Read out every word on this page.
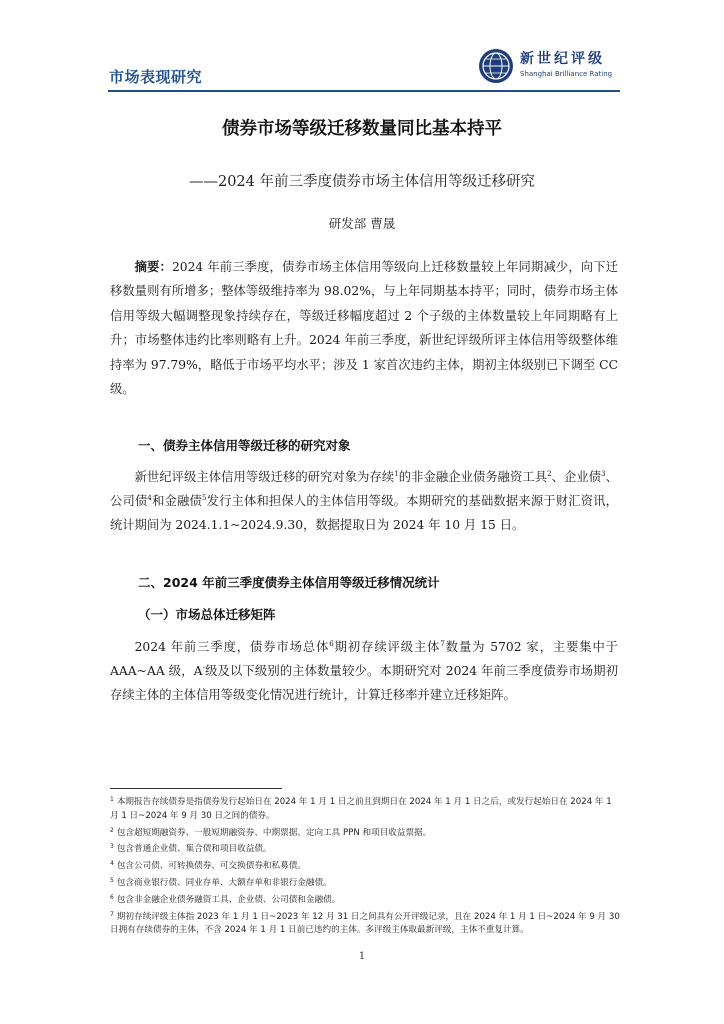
市场表现研究
新世纪评级
Shanghai Brilliance Rating
债券市场等级迁移数量同比基本持平
——2024 年前三季度债券市场主体信用等级迁移研究
研发部 曹晟
摘要：2024 年前三季度，债券市场主体信用等级向上迁移数量较上年同期减少，向下迁移数量则有所增多；整体等级维持率为 98.02%，与上年同期基本持平；同时，债券市场主体信用等级大幅调整现象持续存在，等级迁移幅度超过 2 个子级的主体数量较上年同期略有上升；市场整体违约比率则略有上升。2024 年前三季度，新世纪评级所评主体信用等级整体维持率为 97.79%，略低于市场平均水平；涉及 1 家首次违约主体，期初主体级别已下调至 CC 级。
一、债券主体信用等级迁移的研究对象
新世纪评级主体信用等级迁移的研究对象为存续$^1$的非金融企业债务融资工具$^2$、企业债$^3$、公司债$^4$和金融债$^5$发行主体和担保人的主体信用等级。本期研究的基础数据来源于财汇资讯，统计期间为 2024.1.1~2024.9.30，数据提取日为 2024 年 10 月 15 日。
二、2024 年前三季度债券主体信用等级迁移情况统计
（一）市场总体迁移矩阵
2024 年前三季度，债券市场总体$^6$期初存续评级主体$^7$数量为 5702 家，主要集中于 AAA~AA 级，A-级及以下级别的主体数量较少。本期研究对 2024 年前三季度债券市场期初存续主体的主体信用等级变化情况进行统计，计算迁移率并建立迁移矩阵。

$^1$ 本期报告存续债券是指债券发行起始日在 2024 年 1 月 1 日之前且到期日在 2024 年 1 月 1 日之后，或发行起始日在 2024 年 1 月 1 日~2024 年 9 月 30 日之间的债券。

$^2$ 包含超短期融资券、一般短期融资券、中期票据、定向工具 PPN 和项目收益票据。

$^3$ 包含普通企业债、集合债和项目收益债。

$^4$ 包含公司债、可转换债券、可交换债券和私募债。

$^5$ 包含商业银行债、同业存单、大额存单和非银行金融债。

$^6$ 包含非金融企业债务融资工具、企业债、公司债和金融债。

$^7$ 期初存续评级主体指 2023 年 1 月 1 日~2023 年 12 月 31 日之间具有公开评级记录，且在 2024 年 1 月 1 日~2024 年 9 月 30 日拥有存续债券的主体，不含 2024 年 1 月 1 日前已违约的主体。多评级主体取最新评级，主体不重复计算。

1
